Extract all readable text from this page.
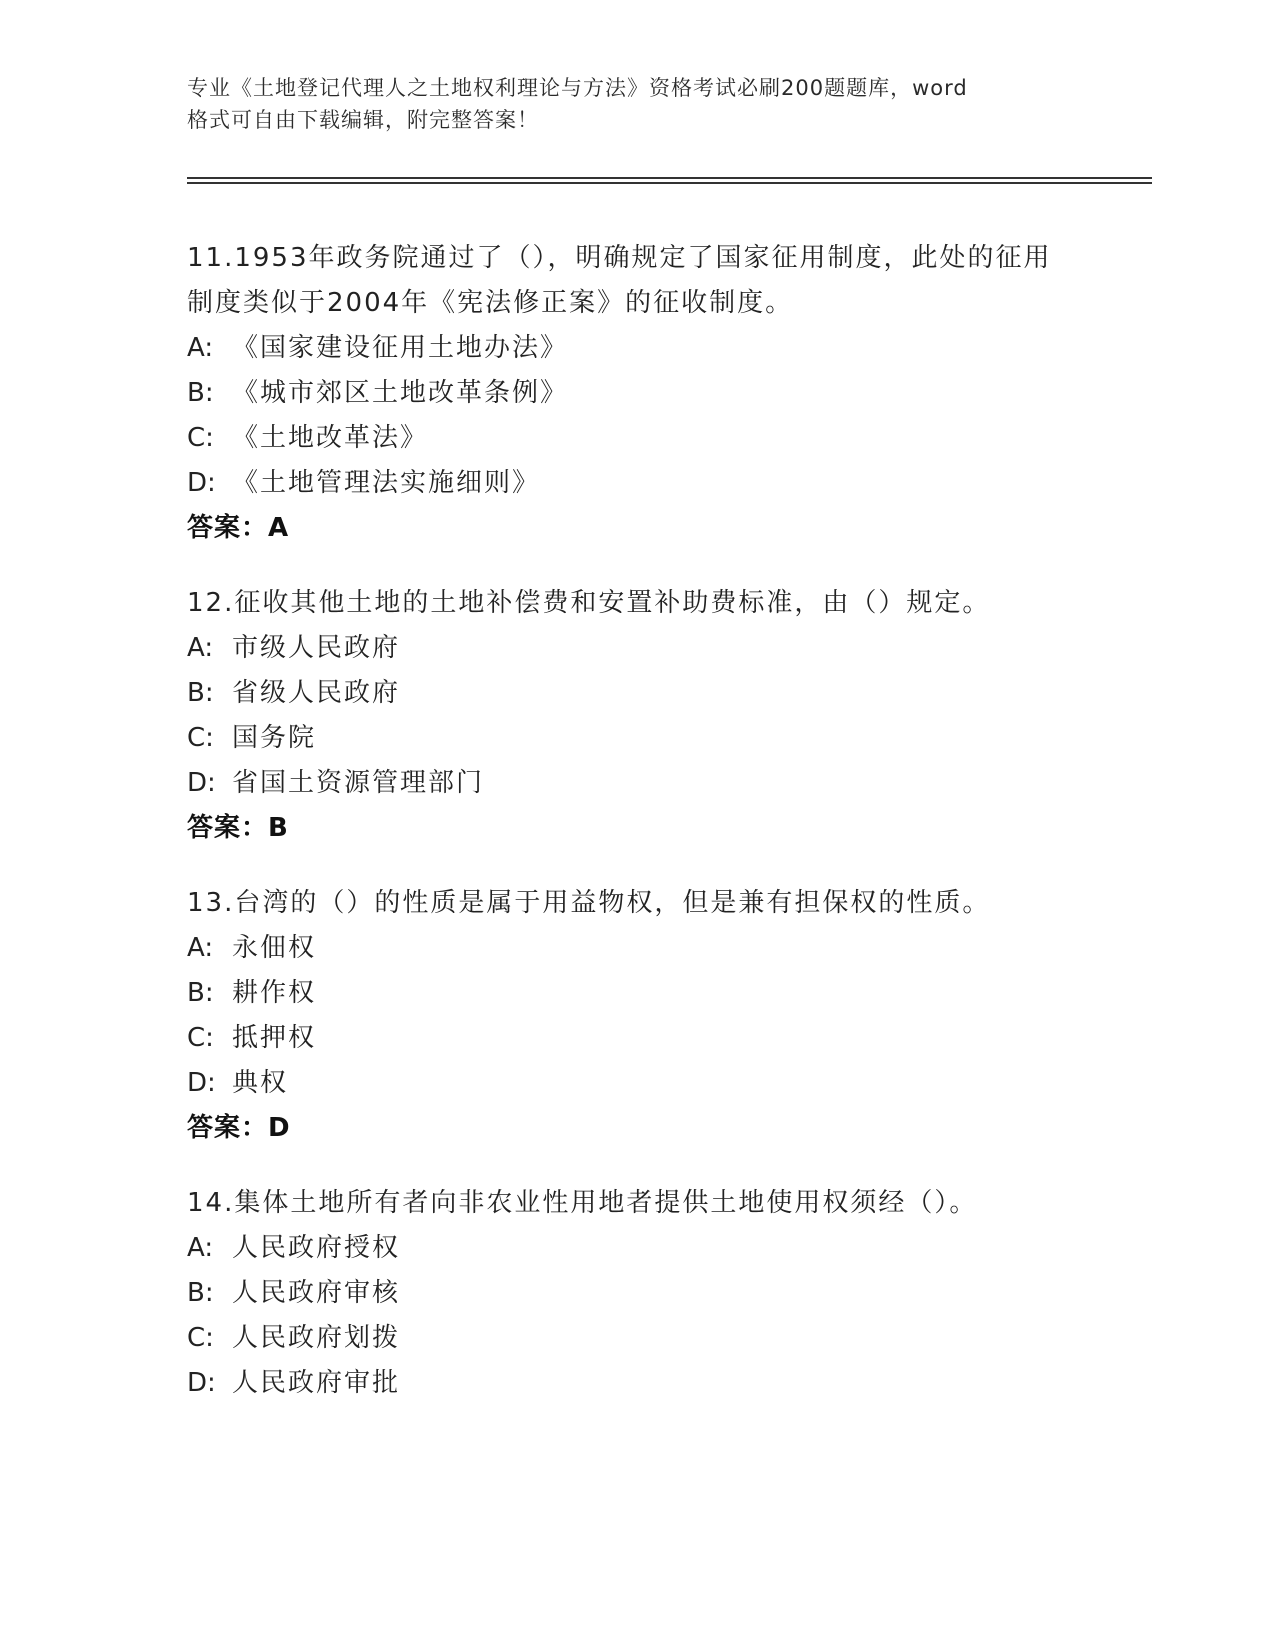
专业《土地登记代理人之土地权利理论与方法》资格考试必刷200题题库，word
格式可自由下载编辑，附完整答案！
11.1953年政务院通过了（），明确规定了国家征用制度，此处的征用
制度类似于2004年《宪法修正案》的征收制度。
A: 《国家建设征用土地办法》
B: 《城市郊区土地改革条例》
C: 《土地改革法》
D: 《土地管理法实施细则》
答案：A
12.征收其他土地的土地补偿费和安置补助费标准，由（）规定。
A: 市级人民政府
B: 省级人民政府
C: 国务院
D: 省国土资源管理部门
答案：B
13.台湾的（）的性质是属于用益物权，但是兼有担保权的性质。
A: 永佃权
B: 耕作权
C: 抵押权
D: 典权
答案：D
14.集体土地所有者向非农业性用地者提供土地使用权须经（）。
A: 人民政府授权
B: 人民政府审核
C: 人民政府划拨
D: 人民政府审批
